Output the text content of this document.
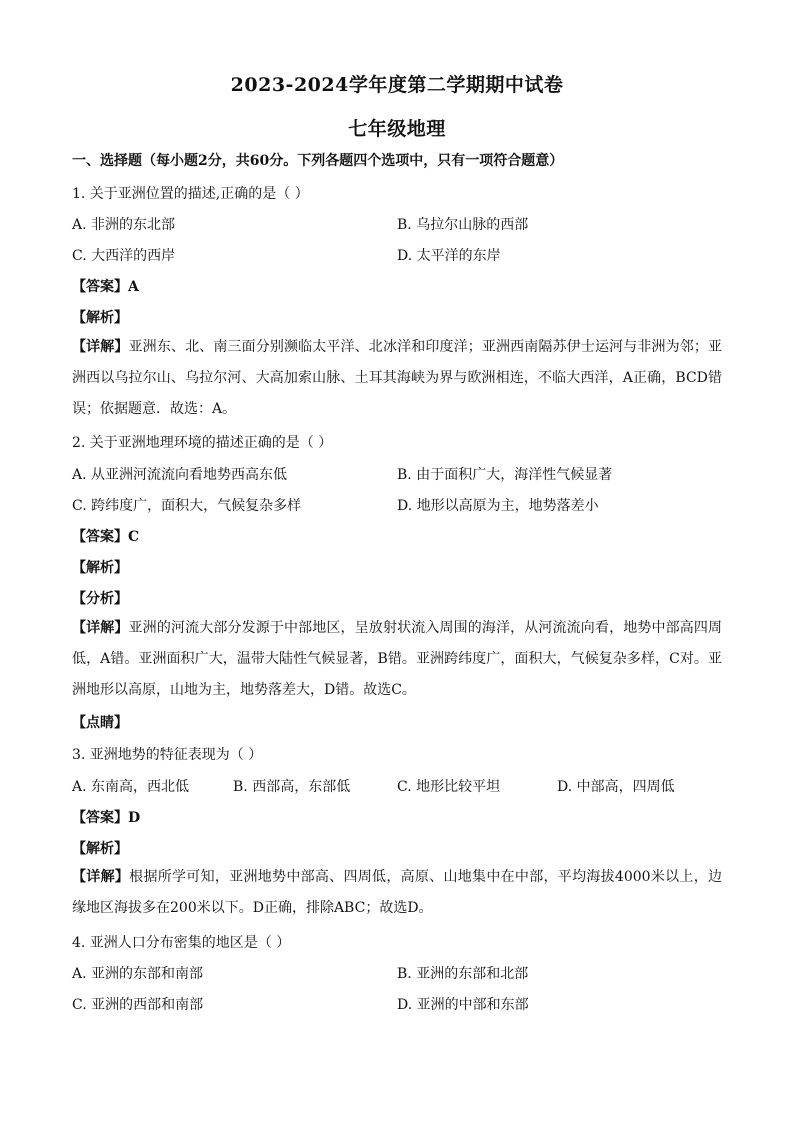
2023-2024学年度第二学期期中试卷
七年级地理
一、选择题（每小题2分，共60分。下列各题四个选项中，只有一项符合题意）
1. 关于亚洲位置的描述,正确的是（ ）
A. 非洲的东北部	B. 乌拉尔山脉的西部
C. 大西洋的西岸	D. 太平洋的东岸
【答案】A
【解析】
【详解】亚洲东、北、南三面分别濒临太平洋、北冰洋和印度洋；亚洲西南隔苏伊士运河与非洲为邻；亚洲西以乌拉尔山、乌拉尔河、大高加索山脉、土耳其海峡为界与欧洲相连，不临大西洋，A正确，BCD错误；依据题意．故选：A。
2. 关于亚洲地理环境的描述正确的是（ ）
A. 从亚洲河流流向看地势西高东低	B. 由于面积广大，海洋性气候显著
C. 跨纬度广，面积大，气候复杂多样	D. 地形以高原为主，地势落差小
【答案】C
【解析】
【分析】
【详解】亚洲的河流大部分发源于中部地区，呈放射状流入周围的海洋，从河流流向看，地势中部高四周低，A错。亚洲面积广大，温带大陆性气候显著，B错。亚洲跨纬度广，面积大，气候复杂多样，C对。亚洲地形以高原，山地为主，地势落差大，D错。故选C。
【点睛】
3. 亚洲地势的特征表现为（ ）
A. 东南高，西北低	B. 西部高，东部低	C. 地形比较平坦	D. 中部高，四周低
【答案】D
【解析】
【详解】根据所学可知，亚洲地势中部高、四周低，高原、山地集中在中部，平均海拔4000米以上，边缘地区海拔多在200米以下。D正确，排除ABC；故选D。
4. 亚洲人口分布密集的地区是（ ）
A. 亚洲的东部和南部	B. 亚洲的东部和北部
C. 亚洲的西部和南部	D. 亚洲的中部和东部
